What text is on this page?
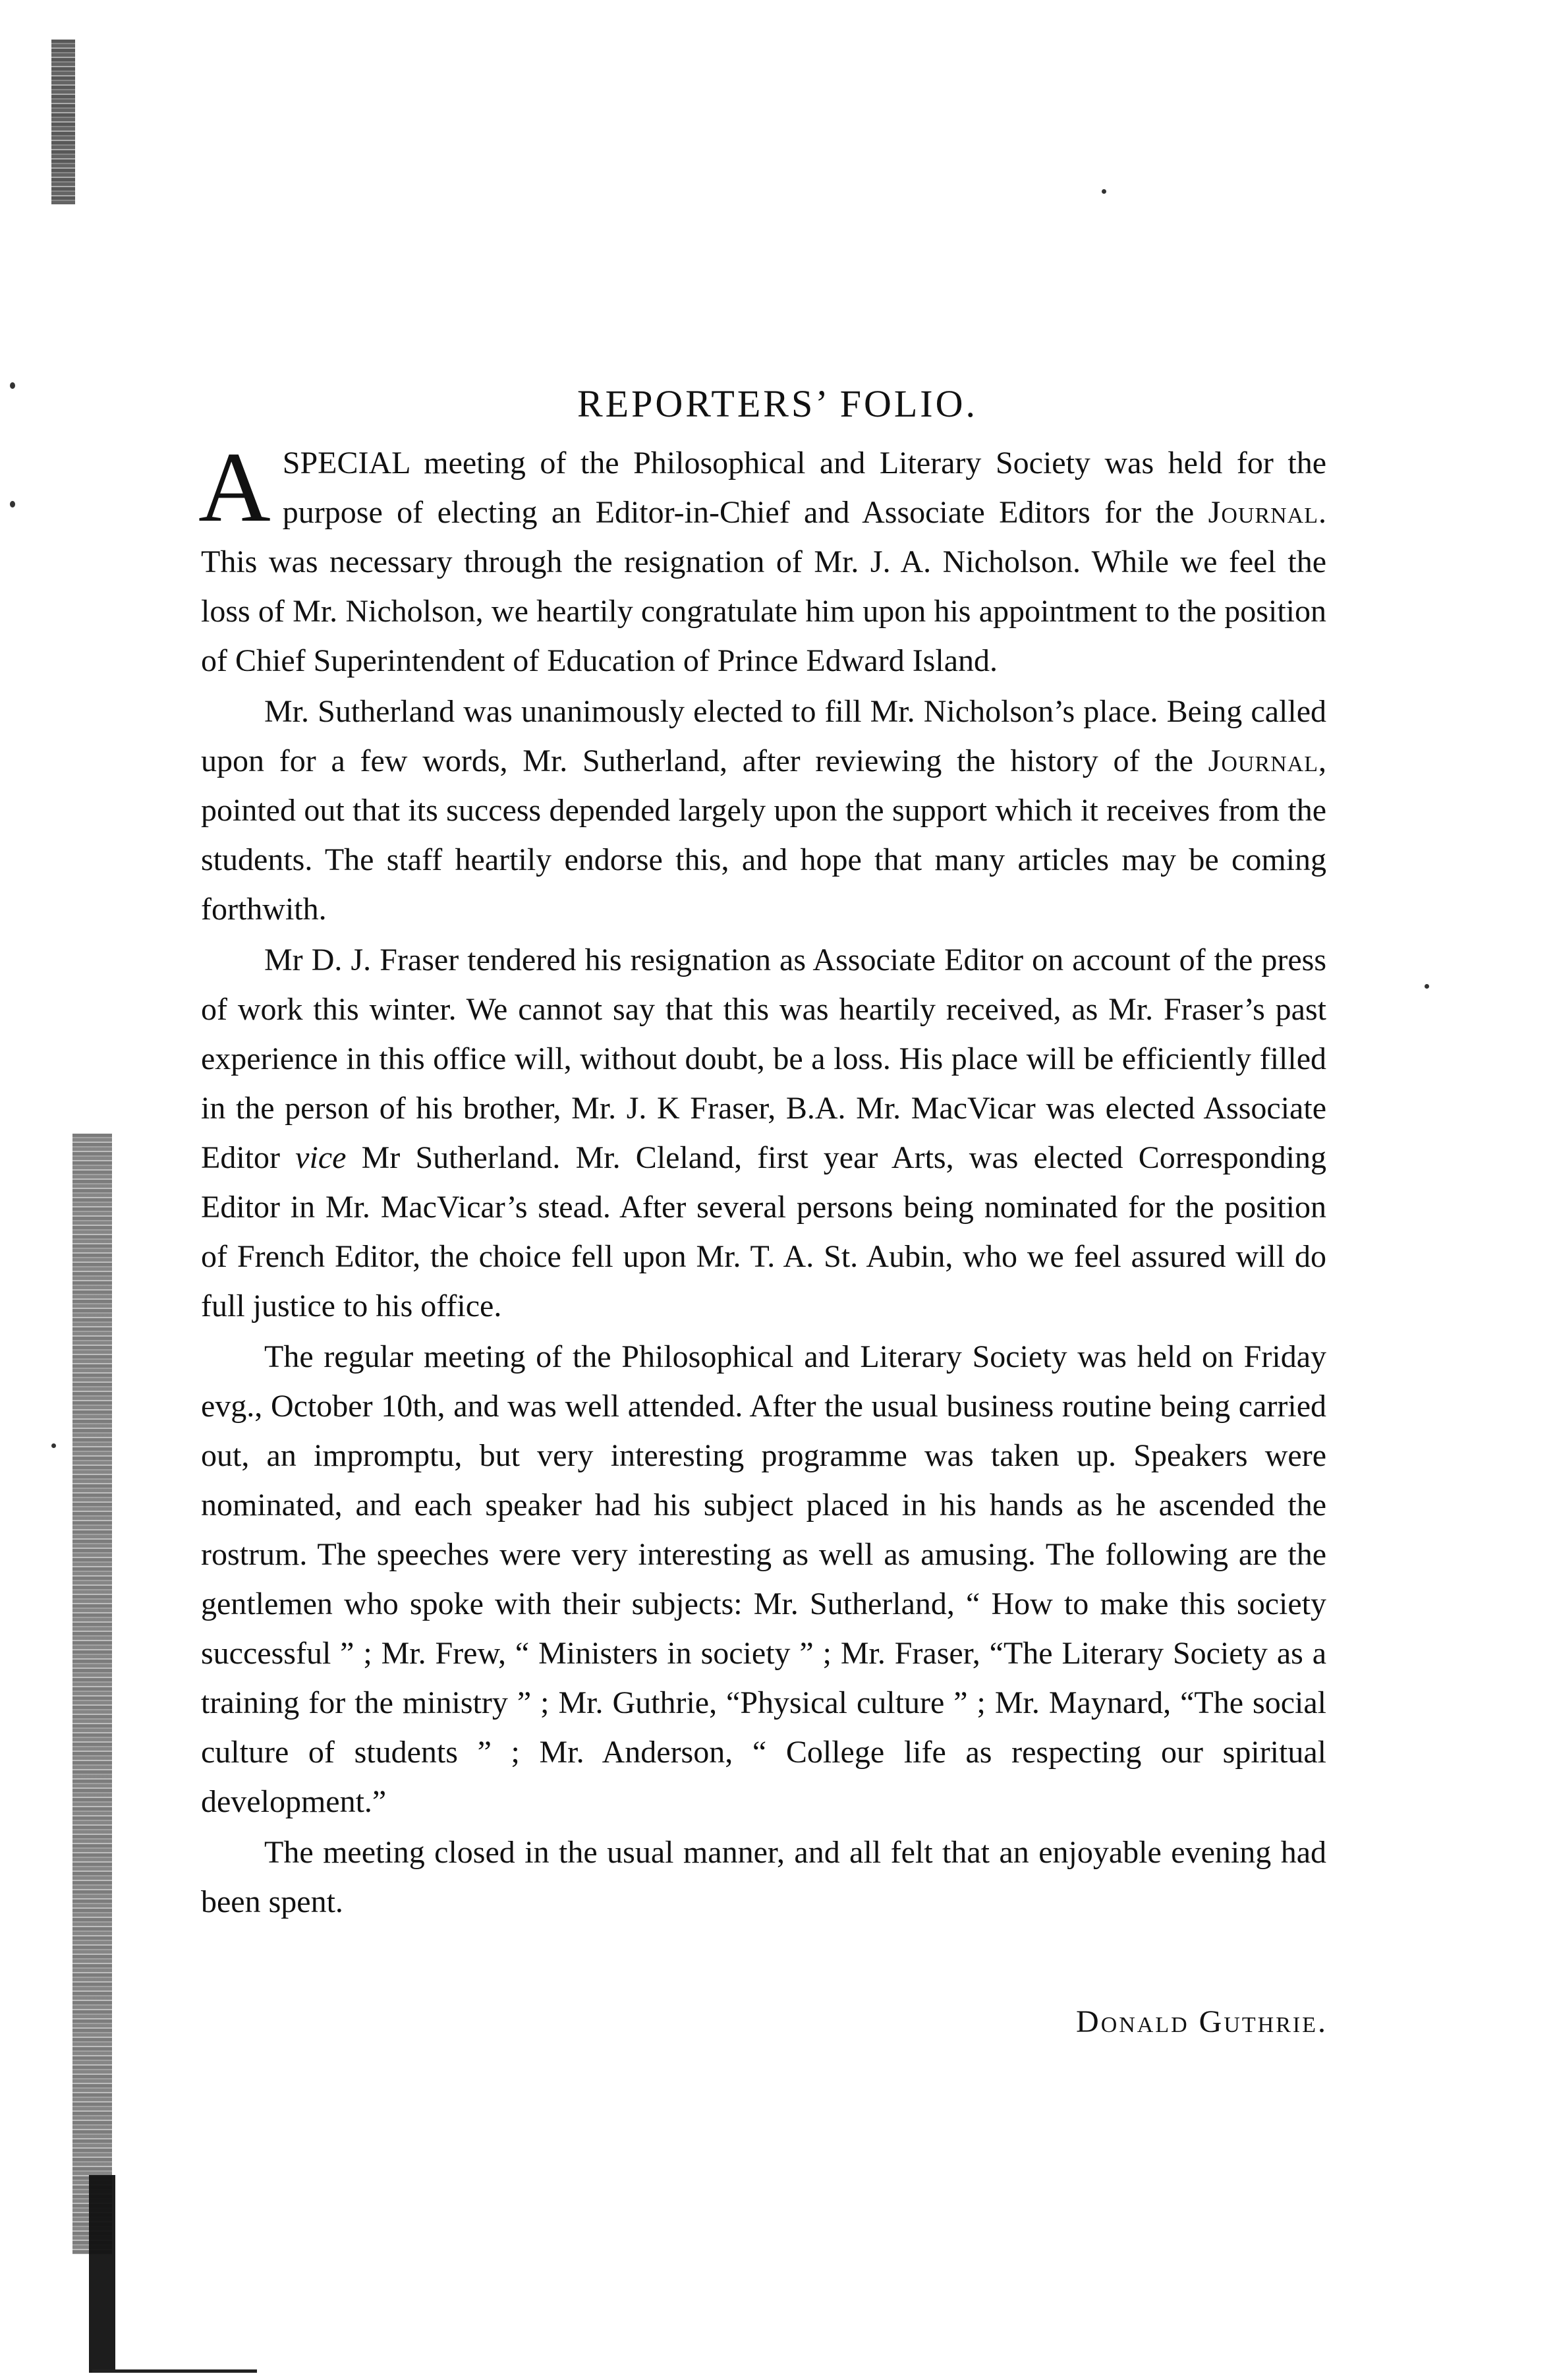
REPORTERS’ FOLIO.

ASPECIAL meeting of the Philosophical and Literary Society was held for the purpose of electing an Editor-in-Chief and Associate Editors for the Journal. This was necessary through the resignation of Mr. J. A. Nicholson. While we feel the loss of Mr. Nicholson, we heartily congratulate him upon his appointment to the position of Chief Superintendent of Education of Prince Edward Island.

Mr. Sutherland was unanimously elected to fill Mr. Nicholson’s place. Being called upon for a few words, Mr. Sutherland, after reviewing the history of the Journal, pointed out that its success depended largely upon the support which it receives from the students. The staff heartily endorse this, and hope that many articles may be coming forthwith.

Mr D. J. Fraser tendered his resignation as Associate Editor on account of the press of work this winter. We cannot say that this was heartily received, as Mr. Fraser’s past experience in this office will, without doubt, be a loss. His place will be efficiently filled in the person of his brother, Mr. J. K Fraser, B.A. Mr. MacVicar was elected Associate Editor vice Mr Sutherland. Mr. Cleland, first year Arts, was elected Corresponding Editor in Mr. MacVicar’s stead. After several persons being nominated for the position of French Editor, the choice fell upon Mr. T. A. St. Aubin, who we feel assured will do full justice to his office.

The regular meeting of the Philosophical and Literary Society was held on Friday evg., October 10th, and was well attended. After the usual business routine being carried out, an impromptu, but very interesting programme was taken up. Speakers were nominated, and each speaker had his subject placed in his hands as he ascended the rostrum. The speeches were very interesting as well as amusing. The following are the gentlemen who spoke with their subjects: Mr. Sutherland, “ How to make this society successful ” ; Mr. Frew, “ Ministers in society ” ; Mr. Fraser, “The Literary Society as a training for the ministry ” ; Mr. Guthrie, “Physical culture ” ; Mr. Maynard, “The social culture of students ” ; Mr. Anderson, “ College life as respecting our spiritual development.”

The meeting closed in the usual manner, and all felt that an enjoyable evening had been spent.

Donald Guthrie.
